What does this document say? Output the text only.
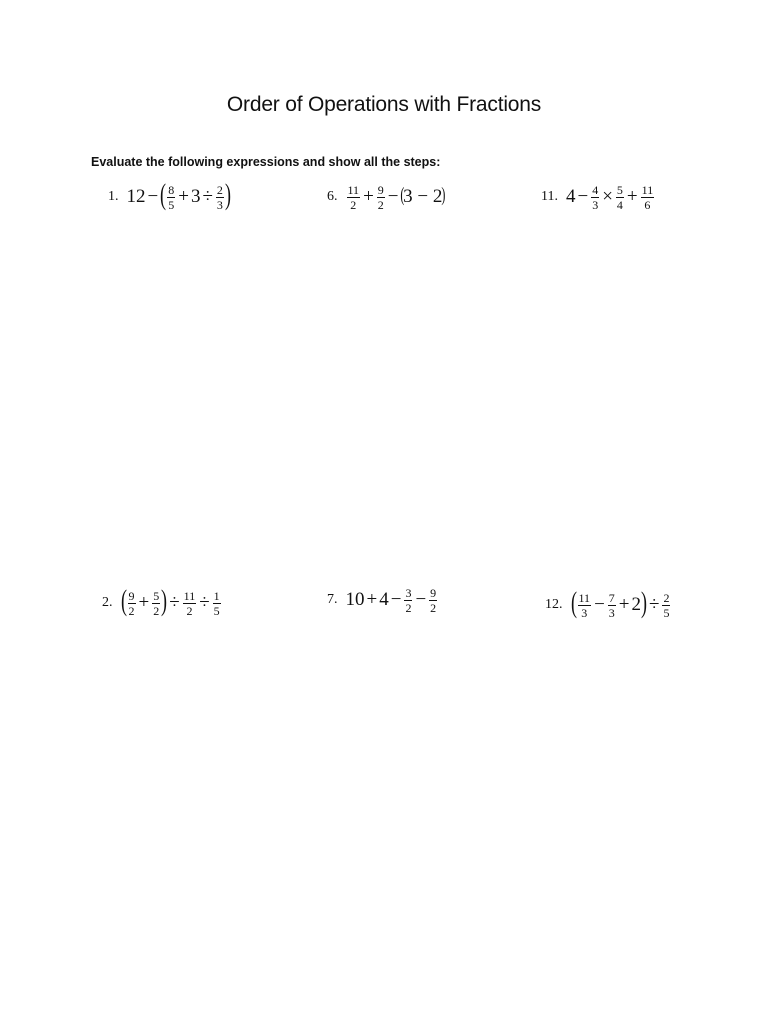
Order of Operations with Fractions
Evaluate the following expressions and show all the steps:
1. 12 − ( $\frac{8}{5} + 3 \div \frac{2}{3}$ )	6. $\frac{11}{2} + \frac{9}{2}$ − ( 3 − 2 )	11. $4 - \frac{4}{3} \times \frac{5}{4} + \frac{11}{6}$
2. ( $\frac{9}{2} + \frac{5}{2}$ ) ÷ $\frac{11}{2} \div \frac{1}{5}$	7. $10 + 4 - \frac{3}{2} - \frac{9}{2}$	12. ( $\frac{11}{3} - \frac{7}{3} + 2$ ) ÷ $\frac{2}{5}$
